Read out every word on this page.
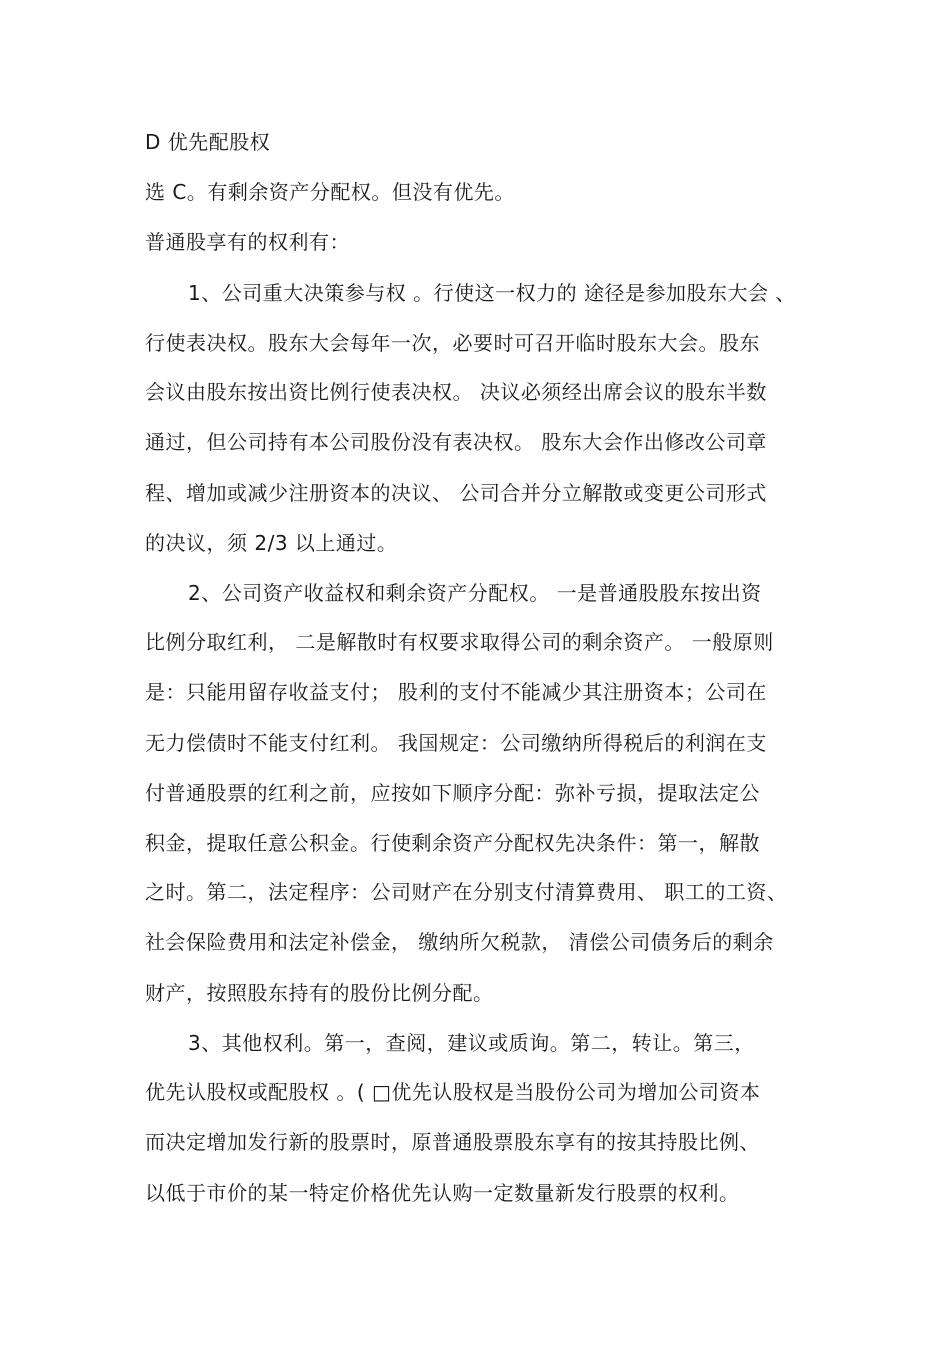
D 优先配股权
选 C。有剩余资产分配权。但没有优先。
普通股享有的权利有：
1、公司重大决策参与权 。行使这一权力的 途径是参加股东大会 、
行使表决权。股东大会每年一次，必要时可召开临时股东大会。股东
会议由股东按出资比例行使表决权。 决议必须经出席会议的股东半数
通过，但公司持有本公司股份没有表决权。 股东大会作出修改公司章
程、增加或减少注册资本的决议、 公司合并分立解散或变更公司形式
的决议，须 2/3 以上通过。
2、公司资产收益权和剩余资产分配权。 一是普通股股东按出资
比例分取红利， 二是解散时有权要求取得公司的剩余资产。 一般原则
是：只能用留存收益支付； 股利的支付不能减少其注册资本；公司在
无力偿债时不能支付红利。 我国规定：公司缴纳所得税后的利润在支
付普通股票的红利之前，应按如下顺序分配：弥补亏损，提取法定公
积金，提取任意公积金。行使剩余资产分配权先决条件：第一，解散
之时。第二，法定程序：公司财产在分别支付清算费用、 职工的工资、
社会保险费用和法定补偿金， 缴纳所欠税款， 清偿公司债务后的剩余
财产，按照股东持有的股份比例分配。
3、其他权利。第一，查阅，建议或质询。第二，转让。第三，
优先认股权或配股权 。( □优先认股权是当股份公司为增加公司资本
而决定增加发行新的股票时，原普通股票股东享有的按其持股比例、
以低于市价的某一特定价格优先认购一定数量新发行股票的权利。
